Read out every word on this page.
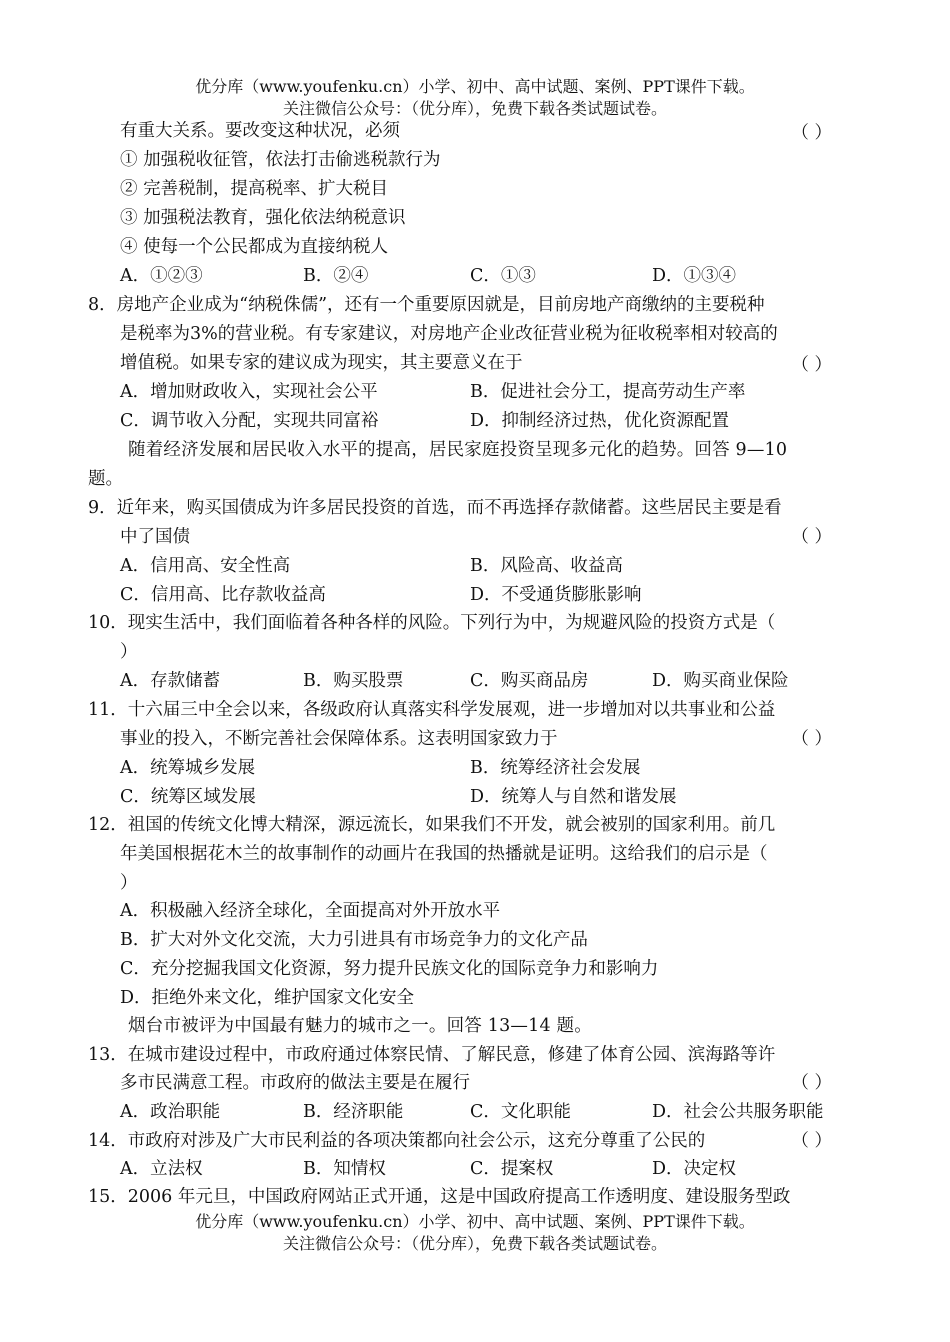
优分库（www.youfenku.cn）小学、初中、高中试题、案例、PPT课件下载。
关注微信公众号：（优分库），免费下载各类试题试卷。
有重大关系。要改变这种状况，必须	（ ）
① 加强税收征管，依法打击偷逃税款行为
② 完善税制，提高税率、扩大税目
③ 加强税法教育，强化依法纳税意识
④ 使每一个公民都成为直接纳税人
A．①②③	B．②④	C．①③	D．①③④
8．房地产企业成为“纳税侏儒”，还有一个重要原因就是，目前房地产商缴纳的主要税种
是税率为3%的营业税。有专家建议，对房地产企业改征营业税为征收税率相对较高的
增值税。如果专家的建议成为现实，其主要意义在于	（ ）
A．增加财政收入，实现社会公平	B．促进社会分工，提高劳动生产率
C．调节收入分配，实现共同富裕	D．抑制经济过热，优化资源配置
随着经济发展和居民收入水平的提高，居民家庭投资呈现多元化的趋势。回答 9—10
题。
9．近年来，购买国债成为许多居民投资的首选，而不再选择存款储蓄。这些居民主要是看
中了国债	（ ）
A．信用高、安全性高	B．风险高、收益高
C．信用高、比存款收益高	D．不受通货膨胀影响
10．现实生活中，我们面临着各种各样的风险。下列行为中，为规避风险的投资方式是（
）
A．存款储蓄	B．购买股票	C．购买商品房	D．购买商业保险
11．十六届三中全会以来，各级政府认真落实科学发展观，进一步增加对以共事业和公益
事业的投入，不断完善社会保障体系。这表明国家致力于	（ ）
A．统筹城乡发展	B．统筹经济社会发展
C．统筹区域发展	D．统筹人与自然和谐发展
12．祖国的传统文化博大精深，源远流长，如果我们不开发，就会被别的国家利用。前几
年美国根据花木兰的故事制作的动画片在我国的热播就是证明。这给我们的启示是（
）
A．积极融入经济全球化，全面提高对外开放水平
B．扩大对外文化交流，大力引进具有市场竞争力的文化产品
C．充分挖掘我国文化资源，努力提升民族文化的国际竞争力和影响力
D．拒绝外来文化，维护国家文化安全
烟台市被评为中国最有魅力的城市之一。回答 13—14 题。
13．在城市建设过程中，市政府通过体察民情、了解民意，修建了体育公园、滨海路等许
多市民满意工程。市政府的做法主要是在履行	（ ）
A．政治职能	B．经济职能	C．文化职能	D．社会公共服务职能
14．市政府对涉及广大市民利益的各项决策都向社会公示，这充分尊重了公民的	（ ）
A．立法权	B．知情权	C．提案权	D．决定权
15．2006 年元旦，中国政府网站正式开通，这是中国政府提高工作透明度、建设服务型政
优分库（www.youfenku.cn）小学、初中、高中试题、案例、PPT课件下载。
关注微信公众号：（优分库），免费下载各类试题试卷。
